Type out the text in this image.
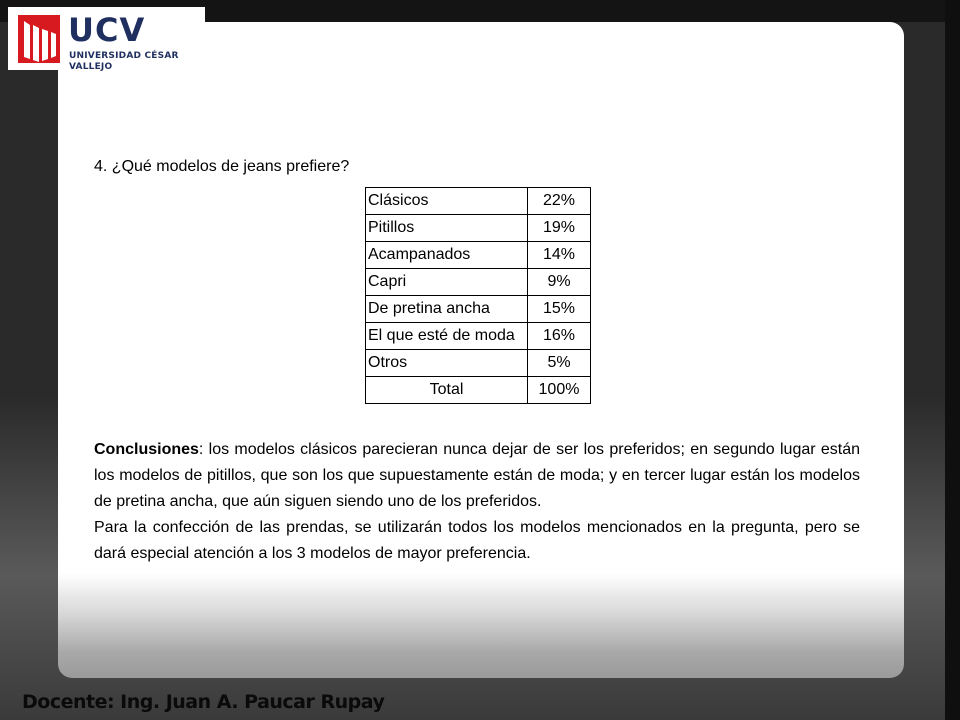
UCV
UNIVERSIDAD CÉSAR VALLEJO
4. ¿Qué modelos de jeans prefiere?
Clásicos	22%
Pitillos	19%
Acampanados	14%
Capri	9%
De pretina ancha	15%
El que esté de moda	16%
Otros	5%
Total	100%

Conclusiones: los modelos clásicos parecieran nunca dejar de ser los preferidos; en segundo lugar están los modelos de pitillos, que son los que supuestamente están de moda; y en tercer lugar están los modelos de pretina ancha, que aún siguen siendo uno de los preferidos.

Para la confección de las prendas, se utilizarán todos los modelos mencionados en la pregunta, pero se dará especial atención a los 3 modelos de mayor preferencia.

Docente: Ing. Juan A. Paucar Rupay
